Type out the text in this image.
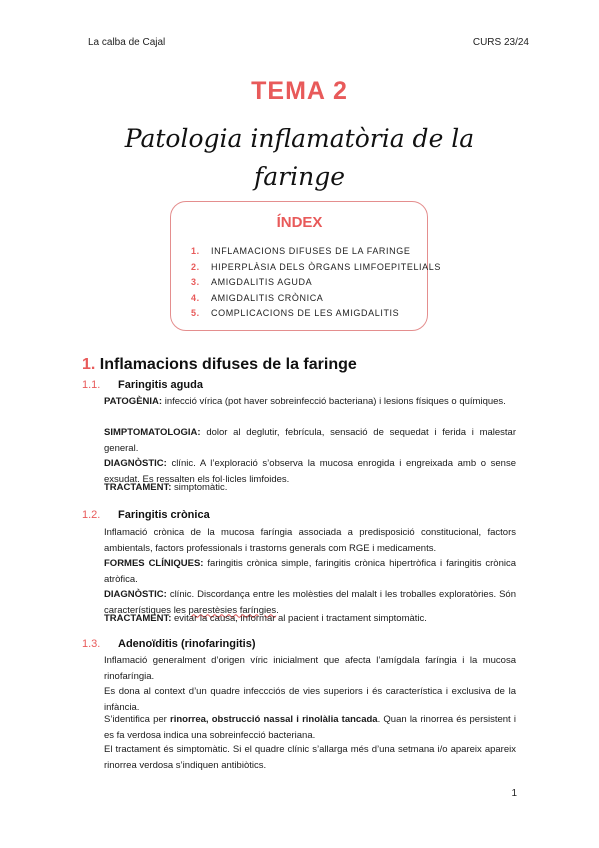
La calba de Cajal	CURS 23/24
TEMA 2
Patologia inflamatòria de la
faringe
ÍNDEX
1. INFLAMACIONS DIFUSES DE LA FARINGE
2. HIPERPLÀSIA DELS ÒRGANS LIMFOEPITELIALS
3. AMIGDALITIS AGUDA
4. AMIGDALITIS CRÒNICA
5. COMPLICACIONS DE LES AMIGDALITIS
1. Inflamacions difuses de la faringe
1.1. Faringitis aguda

PATOGÈNIA: infecció vírica (pot haver sobreinfecció bacteriana) i lesions físiques o químiques.

SIMPTOMATOLOGIA: dolor al deglutir, febrícula, sensació de sequedat i ferida i malestar general.

DIAGNÒSTIC: clínic. A l’exploració s’observa la mucosa enrogida i engreixada amb o sense exsudat. Es ressalten els fol·licles limfoides.

TRACTAMENT: simptomàtic.

1.2. Faringitis crònica

Inflamació crònica de la mucosa faríngia associada a predisposició constitucional, factors ambientals, factors professionals i trastorns generals com RGE i medicaments.

FORMES CLÍNIQUES: faringitis crònica simple, faringitis crònica hipertròfica i faringitis crònica atròfica.

DIAGNÒSTIC: clínic. Discordança entre les molèsties del malalt i les troballes exploratòries. Són característiques les parestèsies faríngies.

TRACTAMENT: evitar la causa, informar al pacient i tractament simptomàtic.

1.3. Adenoïditis (rinofaringitis)

Inflamació generalment d’origen víric inicialment que afecta l’amígdala faríngia i la mucosa rinofaríngia.

Es dona al context d’un quadre infeccciós de vies superiors i és característica i exclusiva de la infància.

S’identifica per rinorrea, obstrucció nassal i rinolàlia tancada. Quan la rinorrea és persistent i es fa verdosa indica una sobreinfecció bacteriana.

El tractament és simptomàtic. Si el quadre clínic s’allarga més d’una setmana i/o apareix apareix rinorrea verdosa s’indiquen antibiòtics.

1
